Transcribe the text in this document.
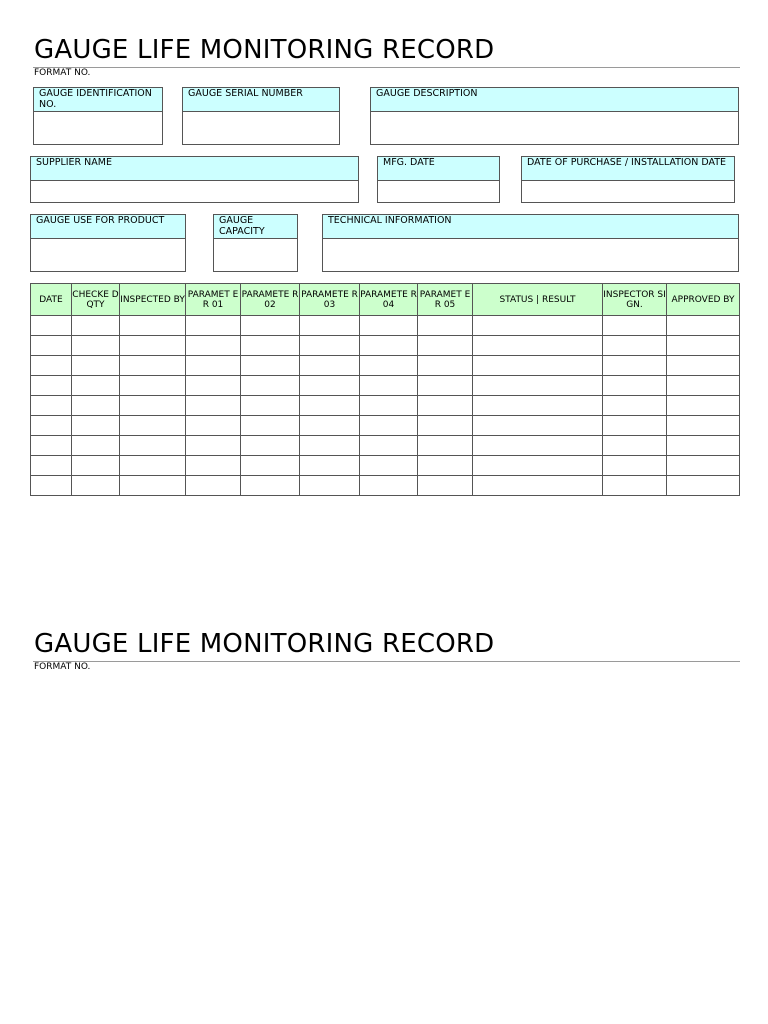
GAUGE LIFE MONITORING RECORD
FORMAT NO.
GAUGE IDENTIFICATION NO.
GAUGE SERIAL NUMBER	GAUGE DESCRIPTION
SUPPLIER NAME	MFG. DATE	DATE OF PURCHASE / INSTALLATION DATE
GAUGE USE FOR PRODUCT	GAUGE CAPACITY
TECHNICAL INFORMATION
DATE	CHECKE D QTY	INSPECTED BY	PARAMET ER 01	PARAMETE R 02	PARAMETE R 03	PARAMETE R 04	PARAMET ER 05	STATUS | RESULT	INSPECTOR SIGN.	APPROVED BY

GAUGE LIFE MONITORING RECORD
FORMAT NO.
